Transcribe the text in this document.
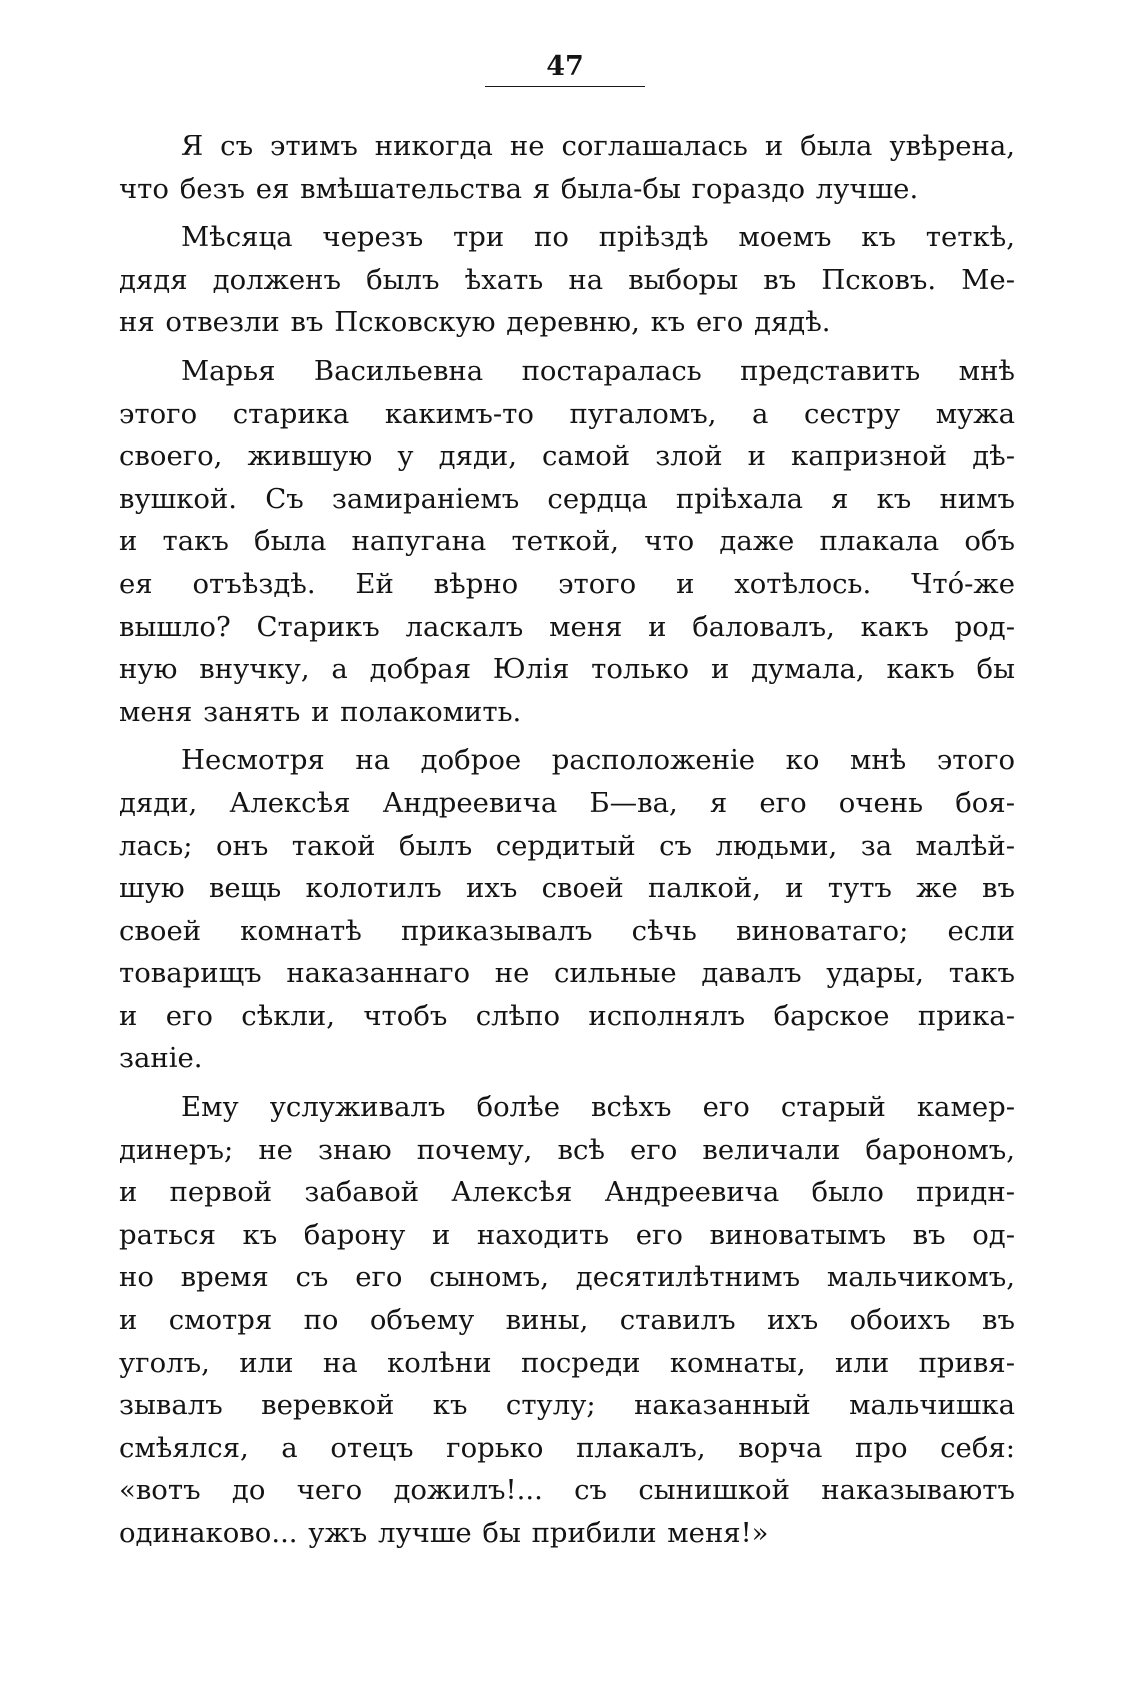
47
Я съ этимъ никогда не соглашалась и была увѣрена,
что безъ ея вмѣшательства я была-бы гораздо лучше.
Мѣсяца черезъ три по пріѣздѣ моемъ къ теткѣ,
дядя долженъ былъ ѣхать на выборы въ Псковъ. Ме-
ня отвезли въ Псковскую деревню, къ его дядѣ.
Марья Васильевна постаралась представить мнѣ
этого старика какимъ-то пугаломъ, а сестру мужа
своего, жившую у дяди, самой злой и капризной дѣ-
вушкой. Съ замираніемъ сердца пріѣхала я къ нимъ
и такъ была напугана теткой, что даже плакала объ
ея отъѣздѣ. Ей вѣрно этого и хотѣлось. Что́-же
вышло? Старикъ ласкалъ меня и баловалъ, какъ род-
ную внучку, а добрая Юлія только и думала, какъ бы
меня занять и полакомить.
Несмотря на доброе расположеніе ко мнѣ этого
дяди, Алексѣя Андреевича Б—ва, я его очень боя-
лась; онъ такой былъ сердитый съ людьми, за малѣй-
шую вещь колотилъ ихъ своей палкой, и тутъ же въ
своей комнатѣ приказывалъ сѣчь виноватаго; если
товарищъ наказаннаго не сильные давалъ удары, такъ
и его сѣкли, чтобъ слѣпо исполнялъ барское прика-
заніе.
Ему услуживалъ болѣе всѣхъ его старый камер-
динеръ; не знаю почему, всѣ его величали барономъ,
и первой забавой Алексѣя Андреевича было придн-
раться къ барону и находить его виноватымъ въ од-
но время съ его сыномъ, десятилѣтнимъ мальчикомъ,
и смотря по объему вины, ставилъ ихъ обоихъ въ
уголъ, или на колѣни посреди комнаты, или привя-
зывалъ веревкой къ стулу; наказанный мальчишка
смѣялся, а отецъ горько плакалъ, ворча про себя:
«вотъ до чего дожилъ!... съ сынишкой наказываютъ
одинаково... ужъ лучше бы прибили меня!»
